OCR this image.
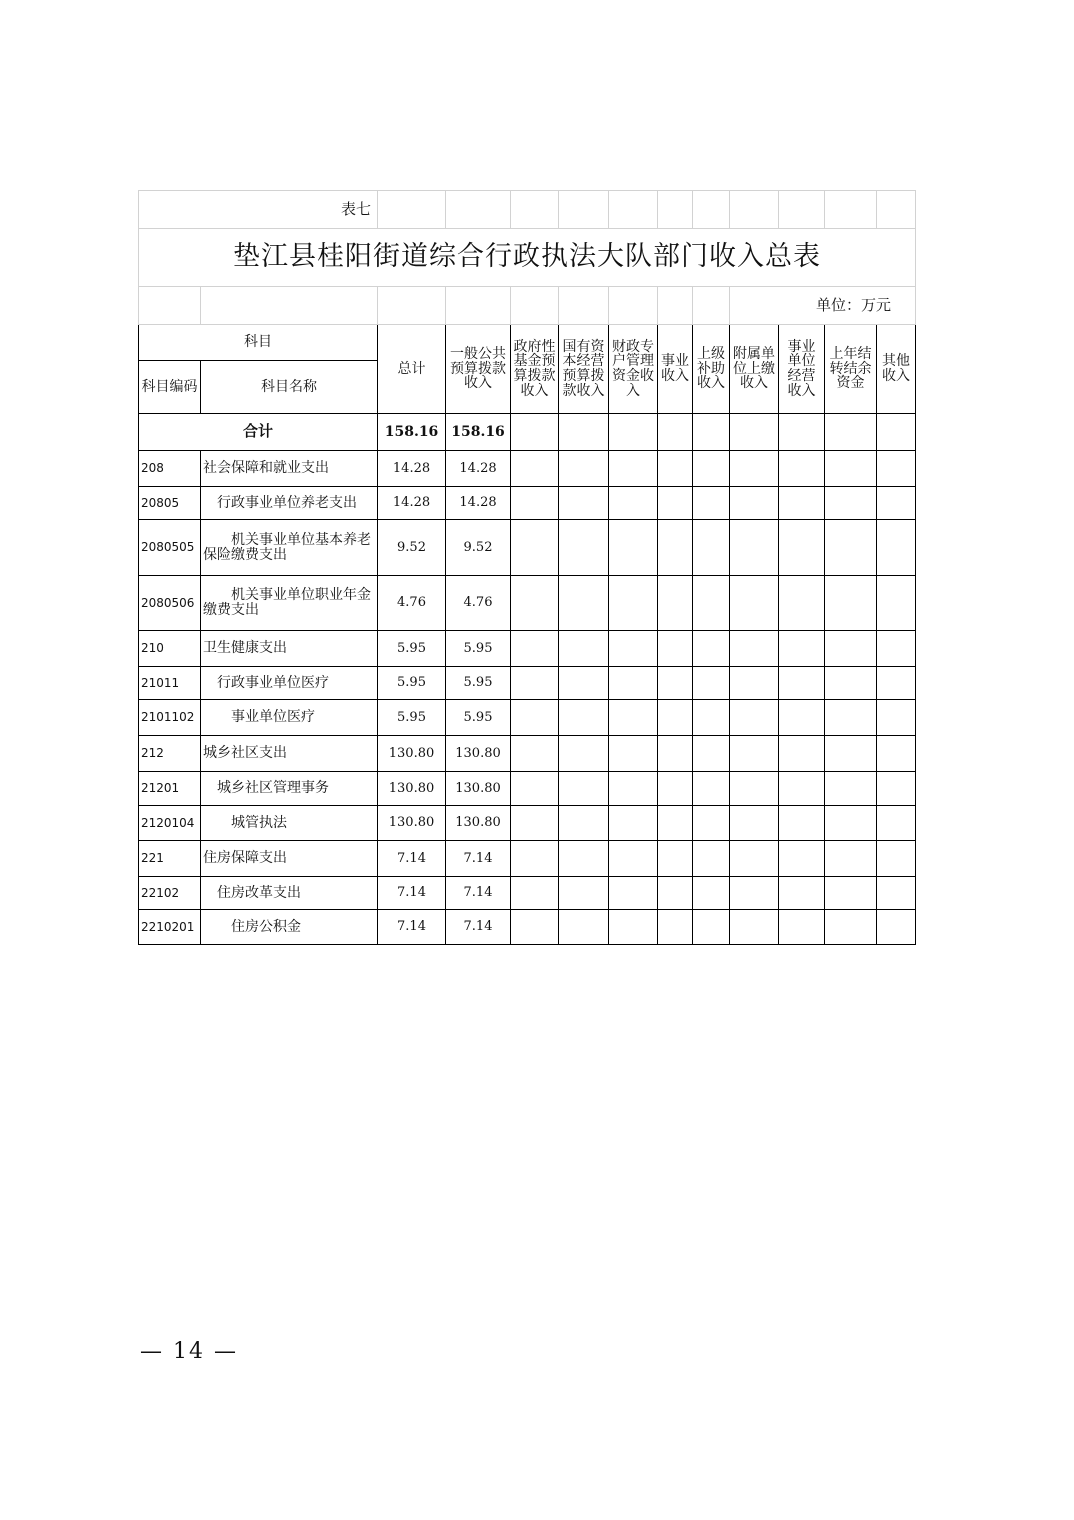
表七												
垫江县桂阳街道综合行政执法大队部门收入总表												
									单位：万元			
科目		总计	一般公共预算拨款收入	政府性基金预算拨款收入	国有资本经营预算拨款收入	财政专户管理资金收入	事业收入	上级补助收入	附属单位上缴收入	事业单位经营收入	上年结转结余资金	其他收入
科目编码	科目名称											
合计		158.16	158.16									
208	社会保障和就业支出	14.28	14.28									
20805	行政事业单位养老支出	14.28	14.28									
2080505	机关事业单位基本养老保险缴费支出	9.52	9.52									
2080506	机关事业单位职业年金缴费支出	4.76	4.76									
210	卫生健康支出	5.95	5.95									
21011	行政事业单位医疗	5.95	5.95									
2101102	事业单位医疗	5.95	5.95									
212	城乡社区支出	130.80	130.80									
21201	城乡社区管理事务	130.80	130.80									
2120104	城管执法	130.80	130.80									
221	住房保障支出	7.14	7.14									
22102	住房改革支出	7.14	7.14									
2210201	住房公积金	7.14	7.14									
— 14 —
